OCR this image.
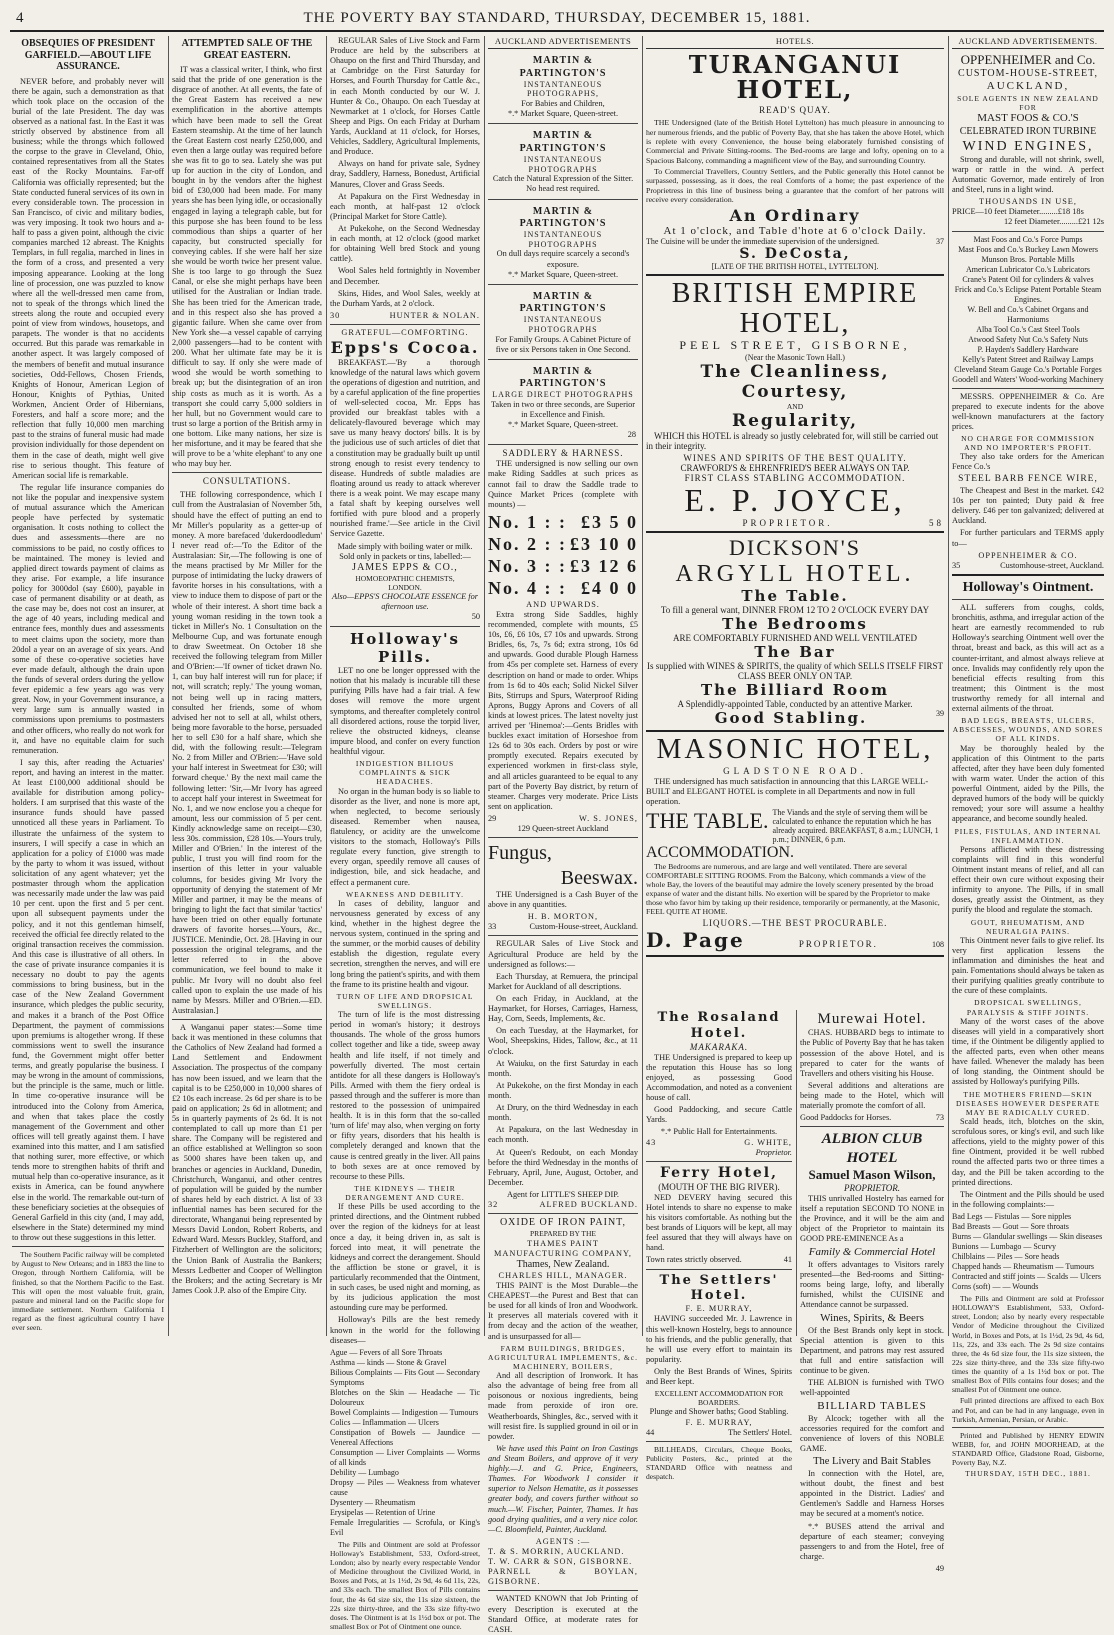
4	THE POVERTY BAY STANDARD, THURSDAY, DECEMBER 15, 1881.
OBSEQUIES OF PRESIDENT GARFIELD.—ABOUT LIFE ASSURANCE.

NEVER before, and probably never will there be again, such a demonstration as that which took place on the occasion of the burial of the late President. The day was observed as a national fast. In the East it was strictly observed by abstinence from all business; while the throngs which followed the corpse to the grave in Cleveland, Ohio, contained representatives from all the States east of the Rocky Mountains. Far-off California was officially represented; but the State conducted funeral services of its own in every considerable town. The procession in San Francisco, of civic and military bodies, was very imposing. It took two hours and a-half to pass a given point, although the civic companies marched 12 abreast. The Knights Templars, in full regalia, marched in lines in the form of a cross, and presented a very imposing appearance. Looking at the long line of procession, one was puzzled to know where all the well-dressed men came from, not to speak of the throngs which lined the streets along the route and occupied every point of view from windows, housetops, and parapets. The wonder is that no accidents occurred. But this parade was remarkable in another aspect. It was largely composed of the members of benefit and mutual insurance societies, Odd-Fellows, Chosen Friends, Knights of Honour, American Legion of Honour, Knights of Pythias, United Workmen, Ancient Order of Hibernians, Foresters, and half a score more; and the reflection that fully 10,000 men marching past to the strains of funeral music had made provision individually for those dependent on them in the case of death, might well give rise to serious thought. This feature of American social life is remarkable.

The regular life insurance companies do not like the popular and inexpensive system of mutual assurance which the American people have perfected by systematic organisation. It costs nothing to collect the dues and assessments—there are no commissions to be paid, no costly offices to be maintained. The money is levied and applied direct towards payment of claims as they arise. For example, a life insurance policy for 3000dol (say £600), payable in case of permanent disability or at death, as the case may be, does not cost an insurer, at the age of 40 years, including medical and entrance fees, monthly dues and assessments to meet claims upon the society, more than 20dol a year on an average of six years. And some of these co-operative societies have ever made default, although the drain upon the funds of several orders during the yellow fever epidemic a few years ago was very great. Now, in your Government insurance, a very large sum is annually wasted in commissions upon premiums to postmasters and other officers, who really do not work for it, and have no equitable claim for such remuneration.

I say this, after reading the Actuaries' report, and having an interest in the matter. At least £100,000 additional should be available for distribution among policy-holders. I am surprised that this waste of the insurance funds should have passed unnoticed all these years in Parliament. To illustrate the unfairness of the system to insurers, I will specify a case in which an application for a policy of £1000 was made by the party to whom it was issued, without solicitation of any agent whatever; yet the postmaster through whom the application was necessarily made under the law was paid 10 per cent. upon the first and 5 per cent. upon all subsequent payments under the policy, and it not this gentleman himself, received the official fee directly related to the original transaction receives the commission. And this case is illustrative of all others. In the case of private insurance companies it is necessary no doubt to pay the agents commissions to bring business, but in the case of the New Zealand Government insurance, which pledges the public security, and makes it a branch of the Post Office Department, the payment of commissions upon premiums is altogether wrong. If these commissions went to swell the insurance fund, the Government might offer better terms, and greatly popularise the business. I may be wrong in the amount of commissions, but the principle is the same, much or little. In time co-operative insurance will be introduced into the Colony from America, and when that takes place the costly management of the Government and other offices will tell greatly against them. I have examined into this matter, and I am satisfied that nothing surer, more effective, or which tends more to strengthen habits of thrift and mutual help than co-operative insurance, as it exists in America, can be found anywhere else in the world. The remarkable out-turn of these beneficiary societies at the obsequies of General Garfield in this city (and, I may add, elsewhere in the State) determined my mind to throw out these suggestions in this letter.

The Southern Pacific railway will be completed by August to New Orleans; and in 1883 the line to Oregon, through Northern California, will be finished, so that the Northern Pacific to the East. This will open the most valuable fruit, grain, pasture and mineral land on the Pacific slope for immediate settlement. Northern California I regard as the finest agricultural country I have ever seen.

ATTEMPTED SALE OF THE GREAT EASTERN.

IT was a classical writer, I think, who first said that the pride of one generation is the disgrace of another. At all events, the fate of the Great Eastern has received a new exemplification in the abortive attempts which have been made to sell the Great Eastern steamship. At the time of her launch the Great Eastern cost nearly £250,000, and even then a large outlay was required before she was fit to go to sea. Lately she was put up for auction in the city of London, and bought in by the vendors after the highest bid of £30,000 had been made. For many years she has been lying idle, or occasionally engaged in laying a telegraph cable, but for this purpose she has been found to be less commodious than ships a quarter of her capacity, but constructed specially for conveying cables. If she were half her size she would be worth twice her present value. She is too large to go through the Suez Canal, or else she might perhaps have been utilised for the Australian or Indian trade. She has been tried for the American trade, and in this respect also she has proved a gigantic failure. When she came over from New York she—a vessel capable of carrying 2,000 passengers—had to be content with 200. What her ultimate fate may be it is difficult to say. If only she were made of wood she would be worth something to break up; but the disintegration of an iron ship costs as much as it is worth. As a transport she could carry 5,000 soldiers in her hull, but no Government would care to trust so large a portion of the British army in one bottom. Like many nations, her size is her misfortune, and it may be feared that she will prove to be a 'white elephant' to any one who may buy her.

CONSULTATIONS.

THE following correspondence, which I cull from the Australasian of November 5th, should have the effect of putting an end to Mr Miller's popularity as a getter-up of money. A more barefaced 'dukerdoodledum' I never read of:—'To the Editor of the Australasian: Sir,—The following is one of the means practised by Mr Miller for the purpose of intimidating the lucky drawers of favorite horses in his consultations, with a view to induce them to dispose of part or the whole of their interest. A short time back a young woman residing in the town took a ticket in Miller's No. 1 Consultation on the Melbourne Cup, and was fortunate enough to draw Sweetmeat. On October 18 she received the following telegram from Miller and O'Brien:—'If owner of ticket drawn No. 1, can buy half interest will run for place; if not, will scratch; reply.' The young woman, not being well up in racing matters, consulted her friends, some of whom advised her not to sell at all, whilst others, being more favorable to the horse, persuaded her to sell £30 for a half share, which she did, with the following result:—Telegram No. 2 from Miller and O'Brien:—'Have sold your half interest in Sweetmeat for £30; will forward cheque.' By the next mail came the following letter: 'Sir,—Mr Ivory has agreed to accept half your interest in Sweetmeat for No. 1, and we now enclose you a cheque for amount, less our commission of 5 per cent. Kindly acknowledge same on receipt—£30, less 30s. commission, £28 10s.—Yours truly, Miller and O'Brien.' In the interest of the public, I trust you will find room for the insertion of this letter in your valuable columns, for besides giving Mr Ivory the opportunity of denying the statement of Mr Miller and partner, it may be the means of bringing to light the fact that similar 'tactics' have been tried on other equally fortunate drawers of favorite horses.—Yours, &c., JUSTICE. Menindie, Oct. 28. [Having in our possession the original telegrams, and the letter referred to in the above communication, we feel bound to make it public. Mr Ivory will no doubt also feel called upon to explain the use made of his name by Messrs. Miller and O'Brien.—ED. Australasian.]

A Wanganui paper states:—Some time back it was mentioned in these columns that the Catholics of New Zealand had formed a Land Settlement and Endowment Association. The prospectus of the company has now been issued, and we learn that the capital is to be £250,000 in 10,000 shares of £2 10s each increase. 2s 6d per share is to be paid on application; 2s 6d in allotment; and 5s in quarterly payments of 2s 6d. It is not contemplated to call up more than £1 per share. The Company will be registered and an office established at Wellington so soon as 5000 shares have been taken up, and branches or agencies in Auckland, Dunedin, Christchurch, Wanganui, and other centres of population will be guided by the number of shares held by each district. A list of 33 influential names has been secured for the directorate, Whanganui being represented by Messrs David London, Robert Roberts, and Edward Ward. Messrs Buckley, Stafford, and Fitzherbert of Wellington are the solicitors; the Union Bank of Australia the Bankers; Messrs Ledbetter and Cooper of Wellington the Brokers; and the acting Secretary is Mr James Cook J.P. also of the Empire City.

REGULAR Sales of Live Stock and Farm Produce are held by the subscribers at Ohaupo on the first and Third Thursday, and at Cambridge on the First Saturday for Horses, and Fourth Thursday for Cattle &c., in each Month conducted by our W. J. Hunter & Co., Ohaupo. On each Tuesday at Newmarket at 1 o'clock, for Horses Cattle Sheep and Pigs. On each Friday at Durham Yards, Auckland at 11 o'clock, for Horses, Vehicles, Saddlery, Agricultural Implements, and Produce.

Always on hand for private sale, Sydney dray, Saddlery, Harness, Bonedust, Artificial Manures, Clover and Grass Seeds.

At Papakura on the First Wednesday in each month, at half-past 12 o'clock (Principal Market for Store Cattle).

At Pukekohe, on the Second Wednesday in each month, at 12 o'clock (good market for obtaining Well bred Stock and young cattle).

Wool Sales held fortnightly in November and December.

Skins, Hides, and Wool Sales, weekly at the Durham Yards, at 2 o'clock.

30	HUNTER & NOLAN.
GRATEFUL—COMFORTING.
Epps's Cocoa.

BREAKFAST.—'By a thorough knowledge of the natural laws which govern the operations of digestion and nutrition, and by a careful application of the fine properties of well-selected cocoa, Mr. Epps has provided our breakfast tables with a delicately-flavoured beverage which may save us many heavy doctors' bills. It is by the judicious use of such articles of diet that a constitution may be gradually built up until strong enough to resist every tendency to disease. Hundreds of subtle maladies are floating around us ready to attack wherever there is a weak point. We may escape many a fatal shaft by keeping ourselves well fortified with pure blood and a properly nourished frame.'—See article in the Civil Service Gazette.

Made simply with boiling water or milk.
Sold only in packets or tins, labelled:—
JAMES EPPS & CO.,
HOMOEOPATHIC CHEMISTS,
LONDON.
Also—EPPS'S CHOCOLATE ESSENCE for afternoon use.
50
Holloway's Pills.

LET no one be longer oppressed with the notion that his malady is incurable till these purifying Pills have had a fair trial. A few doses will remove the more urgent symptoms, and thereafter completely control all disordered actions, rouse the torpid liver, relieve the obstructed kidneys, cleanse impure blood, and confer on every function healthful vigour.

INDIGESTION BILIOUS COMPLAINTS & SICK HEADACHES.

No organ in the human body is so liable to disorder as the liver, and none is more apt, when neglected, to become seriously diseased. Remember when nausea, flatulency, or acidity are the unwelcome visitors to the stomach, Holloway's Pills regulate every function, give strength to every organ, speedily remove all causes of indigestion, bile, and sick headache, and effect a permanent cure.

WEAKNESS AND DEBILITY.

In cases of debility, languor and nervousness generated by excess of any kind, whether in the highest degree the nervous system, continued in the spring and the summer, or the morbid causes of debility establish the digestion, regulate every secretion, strengthen the nerves, and will ere long bring the patient's spirits, and with them the frame to its pristine health and vigour.

TURN OF LIFE AND DROPSICAL SWELLINGS.

The turn of life is the most distressing period in woman's history; it destroys thousands. The whole of the gross humors collect together and like a tide, sweep away health and life itself, if not timely and powerfully diverted. The most certain antidote for all these dangers is Holloway's Pills. Armed with them the fiery ordeal is passed through and the sufferer is more than restored to the possession of unimpaired health. It is in this form that the so-called 'turn of life' may also, when verging on forty or fifty years, disorders that his health is completely deranged and known that the cause is centred greatly in the liver. All pains to both sexes are at once removed by recourse to these Pills.

THE KIDNEYS — THEIR DERANGEMENT AND CURE.

If these Pills be used according to the printed directions, and the Ointment rubbed over the region of the kidneys for at least once a day, it being driven in, as salt is forced into meat, it will penetrate the kidneys and correct the derangement. Should the affliction be stone or gravel, it is particularly recommended that the Ointment, in such cases, be used night and morning, as by its judicious application the most astounding cure may be performed.

Holloway's Pills are the best remedy known in the world for the following diseases—

Ague — Fevers of all Sore Throats
Asthma — kinds — Stone & Gravel
Bilious Complaints — Fits Gout — Secondary Symptoms
Blotches on the Skin — Headache — Tic Doloureux
Bowel Complaints — Indigestion — Tumours
Colics — Inflammation — Ulcers
Constipation of Bowels — Jaundice — Venereal Affections
Consumption — Liver Complaints — Worms of all kinds
Debility — Lumbago
Dropsy — Piles — Weakness from whatever cause
Dysentery — Rheumatism
Erysipelas — Retention of Urine
Female Irregularities — Scrofula, or King's Evil

The Pills and Ointment are sold at Professor Holloway's Establishment, 533, Oxford-street, London; also by nearly every respectable Vendor of Medicine throughout the Civilized World, in Boxes and Pots, at 1s 1½d, 2s 9d, 4s 6d 11s, 22s, and 33s each. The smallest Box of Pills contains four, the 4s 6d size six, the 11s size sixteen, the 22s size thirty-three, and the 33s size fifty-two doses. The Ointment is at 1s 1½d box or pot. The smallest Box or Pot of Ointment one ounce.

AUCKLAND ADVERTISEMENTS
MARTIN & PARTINGTON'S
INSTANTANEOUS PHOTOGRAPHS,
For Babies and Children,
*.* Market Square, Queen-street.
MARTIN & PARTINGTON'S
INSTANTANEOUS PHOTOGRAPHS
Catch the Natural Expression of the Sitter.
No head rest required.
MARTIN & PARTINGTON'S
INSTANTANEOUS PHOTOGRAPHS
On dull days require scarcely a second's exposure.
*.* Market Square, Queen-street.
MARTIN & PARTINGTON'S
INSTANTANEOUS PHOTOGRAPHS
For Family Groups. A Cabinet Picture of five or six Persons taken in One Second.
MARTIN & PARTINGTON'S
LARGE DIRECT PHOTOGRAPHS
Taken in two or three seconds, are Superior in Excellence and Finish.
*.* Market Square, Queen-street.
28
SADDLERY & HARNESS.

THE undersigned is now selling our own make Riding Saddles at such prices as cannot fail to draw the Saddle trade to Quince Market Prices (complete with mounts) —

No. 1 : : £3 5 0
No. 2 : : £3 10 0
No. 3 : : £3 12 6
No. 4 : : £4 0 0
AND UPWARDS.

Extra strong Side Saddles, highly recommended, complete with mounts, £5 10s, £6, £6 10s, £7 10s and upwards. Strong Bridles, 6s, 7s, 7s 6d; extra strong, 10s 6d and upwards. Good durable Plough Harness from 45s per complete set. Harness of every description on hand or made to order. Whips from 1s 6d to 40s each; Solid Nickel Silver Bits, Stirrups and Spurs, Waterproof Riding Aprons, Buggy Aprons and Covers of all kinds at lowest prices. The latest novelty just arrived per 'Hinemoa':—Gents Bridles with buckles exact imitation of Horseshoe from 12s 6d to 30s each. Orders by post or wire promptly executed. Repairs executed by experienced workmen in first-class style, and all articles guaranteed to be equal to any part of the Poverty Bay district, by return of steamer. Charges very moderate. Price Lists sent on application.

29	W. S. JONES,
129 Queen-street Auckland
Fungus,
Beeswax.

THE Undersigned is a Cash Buyer of the above in any quantities.

H. B. MORTON,
33	Custom-House-street, Auckland.

REGULAR Sales of Live Stock and Agricultural Produce are held by the undersigned as follows:—

Each Thursday, at Remuera, the principal Market for Auckland of all descriptions.

On each Friday, in Auckland, at the Haymarket, for Horses, Carriages, Harness, Hay, Corn, Seeds, Implements, &c.

On each Tuesday, at the Haymarket, for Wool, Sheepskins, Hides, Tallow, &c., at 11 o'clock.

At Waiuku, on the first Saturday in each month.

At Pukekohe, on the first Monday in each month.

At Drury, on the third Wednesday in each month.

At Papakura, on the last Wednesday in each month.

At Queen's Redoubt, on each Monday before the third Wednesday in the months of February, April, June, August, October, and December.

Agent for LITTLE'S SHEEP DIP.
32	ALFRED BUCKLAND.
OXIDE OF IRON PAINT,
PREPARED BY THE
THAMES PAINT MANUFACTURING COMPANY,
Thames, New Zealand.
CHARLES HILL, MANAGER.

THIS PAINT is the Most Durable—the CHEAPEST—the Purest and Best that can be used for all kinds of Iron and Woodwork. It preserves all materials covered with it from decay and the action of the weather, and is unsurpassed for all—

FARM BUILDINGS, BRIDGES, AGRICULTURAL IMPLEMENTS, &c. MACHINERY, BOILERS,

And all description of Ironwork. It has also the advantage of being free from all poisonous or noxious ingredients, being made from peroxide of iron ore. Weatherboards, Shingles, &c., served with it will resist fire. Is supplied ground in oil or in powder.

We have used this Paint on Iron Castings and Steam Boilers, and approve of it very highly.—J. and G. Price, Engineers, Thames. For Woodwork I consider it superior to Nelson Hematite, as it possesses greater body, and covers further without so much.—W. Fischer, Painter, Thames. It has good drying qualities, and a very nice color.—C. Bloomfield, Painter, Auckland.

AGENTS :—
T. & S. MORRIN, AUCKLAND.
T. W. CARR & SON, GISBORNE.
PARNELL & BOYLAN, GISBORNE.

WANTED KNOWN that Job Printing of every Description is executed at the Standard Office, at moderate rates for CASH.

HOTELS.
TURANGANUI HOTEL,
READ'S QUAY.

THE Undersigned (late of the British Hotel Lyttelton) has much pleasure in announcing to her numerous friends, and the public of Poverty Bay, that she has taken the above Hotel, which is replete with every Convenience, the house being elaborately furnished consisting of Commercial and Private Sitting-rooms. The Bed-rooms are large and lofty, opening on to a Spacious Balcony, commanding a magnificent view of the Bay, and surrounding Country.

To Commercial Travellers, Country Settlers, and the Public generally this Hotel cannot be surpassed, possessing, as it does, the real Comforts of a home; the past experience of the Proprietress in this line of business being a guarantee that the comfort of her patrons will receive every consideration.

An Ordinary
At 1 o'clock, and Table d'hote at 6 o'clock Daily.
The Cuisine will be under the immediate supervision of the undersigned.	37
S. DeCosta,
[LATE OF THE BRITISH HOTEL, LYTTELTON].
BRITISH EMPIRE HOTEL,
PEEL STREET, GISBORNE,
(Near the Masonic Town Hall.)
The Cleanliness, Courtesy,
AND
Regularity,

WHICH this HOTEL is already so justly celebrated for, will still be carried out in their integrity.

WINES AND SPIRITS OF THE BEST QUALITY.
CRAWFORD'S & EHRENFRIED'S BEER ALWAYS ON TAP.
FIRST CLASS STABLING ACCOMMODATION.
E. P. JOYCE,
PROPRIETOR.	58
DICKSON'S
ARGYLL HOTEL.
The Table.
To fill a general want, DINNER FROM 12 TO 2 O'CLOCK EVERY DAY
The Bedrooms
ARE COMFORTABLY FURNISHED AND WELL VENTILATED
The Bar
Is supplied with WINES & SPIRITS, the quality of which SELLS ITSELF FIRST CLASS BEER ONLY ON TAP.
The Billiard Room
A Splendidly-appointed Table, conducted by an attentive Marker.
Good Stabling.	39
MASONIC HOTEL,
GLADSTONE ROAD.

THE undersigned has much satisfaction in announcing that this LARGE WELL-BUILT and ELEGANT HOTEL is complete in all Departments and now in full operation.

THE TABLE. The Viands and the style of serving them will be calculated to enhance the reputation which he has already acquired. BREAKFAST, 8 a.m.; LUNCH, 1 p.m.; DINNER, 6 p.m.
ACCOMMODATION.

The Bedrooms are numerous, and are large and well ventilated. There are several COMFORTABLE SITTING ROOMS. From the Balcony, which commands a view of the whole Bay, the lovers of the beautiful may admire the lovely scenery presented by the broad expanse of water and the distant hills. No exertion will be spared by the Proprietor to make those who favor him by taking up their residence, temporarily or permanently, at the Masonic, FEEL QUITE AT HOME.

LIQUORS.—THE BEST PROCURABLE.
D. Page	PROPRIETOR.	108
The Rosaland Hotel.
MAKARAKA.

THE Undersigned is prepared to keep up the reputation this House has so long enjoyed, as possessing Good Accommodation, and noted as a convenient house of call.

Good Paddocking, and secure Cattle Yards.

*.* Public Hall for Entertainments.
43	G. WHITE,
Proprietor.
Ferry Hotel,
(MOUTH OF THE BIG RIVER).

NED DEVERY having secured this Hotel intends to share no expense to make his visitors comfortable. As nothing but the best brands of Liquors will be kept, all may feel assured that they will always have on hand.

Town rates strictly observed.	41
The Settlers' Hotel.
F. E. MURRAY,

HAVING succeeded Mr. J. Lawrence in this well-known Hostelry, begs to announce to his friends, and the public generally, that he will use every effort to maintain its popularity.

Only the Best Brands of Wines, Spirits and Beer kept.

EXCELLENT ACCOMMODATION FOR BOARDERS.
Plunge and Shower baths; Good Stabling.
F. E. MURRAY,
44	The Settlers' Hotel.

BILLHEADS, Circulars, Cheque Books, Publicity Posters, &c., printed at the STANDARD Office with neatness and despatch.

Murewai Hotel.

CHAS. HUBBARD begs to intimate to the Public of Poverty Bay that he has taken possession of the above Hotel, and is prepared to cater for the wants of Travellers and others visiting his House.

Several additions and alterations are being made to the Hotel, which will materially promote the comfort of all.

Good Paddocks for Horses.	73
ALBION CLUB HOTEL
Samuel Mason Wilson,
PROPRIETOR.

THIS unrivalled Hostelry has earned for itself a reputation SECOND TO NONE in the Province, and it will be the aim and object of the Proprietor to maintain its GOOD PRE-EMINENCE As a

Family & Commercial Hotel

It offers advantages to Visitors rarely presented—the Bed-rooms and Sitting-rooms being large, lofty, and liberally furnished, whilst the CUISINE and Attendance cannot be surpassed.

Wines, Spirits, & Beers

Of the Best Brands only kept in stock. Special attention is given to this Department, and patrons may rest assured that full and entire satisfaction will continue to be given.

THE ALBION is furnished with TWO well-appointed

BILLIARD TABLES

By Alcock; together with all the accessories required for the comfort and convenience of lovers of this NOBLE GAME.

The Livery and Bait Stables

In connection with the Hotel, are, without doubt, the finest and best appointed in the District. Ladies' and Gentlemen's Saddle and Harness Horses may be secured at a moment's notice.

*.* BUSES attend the arrival and departure of each steamer; conveying passengers to and from the Hotel, free of charge.

49
AUCKLAND ADVERTISEMENTS.
OPPENHEIMER and Co.
CUSTOM-HOUSE-STREET,
AUCKLAND,
SOLE AGENTS IN NEW ZEALAND FOR
MAST FOOS & CO.'S
CELEBRATED IRON TURBINE
WIND ENGINES,

Strong and durable, will not shrink, swell, warp or rattle in the wind. A perfect Automatic Governor, made entirely of Iron and Steel, runs in a light wind.

THOUSANDS IN USE,
PRICE—10 feet Diameter.........£18 18s
12 feet Diameter.........£21 12s
Mast Foos and Co.'s Force Pumps
Mast Foos and Co.'s Buckey Lawn Mowers
Munson Bros. Portable Mills
American Lubricator Co.'s Lubricators
Crane's Patent Oil for cylinders & valves
Frick and Co.'s Eclipse Patent Portable Steam Engines.
W. Bell and Co.'s Cabinet Organs and Harmoniums
Alba Tool Co.'s Cast Steel Tools
Atwood Safety Nut Co.'s Safety Nuts
P. Hayden's Saddlery Hardware
Kelly's Patent Street and Railway Lamps
Cleveland Steam Gauge Co.'s Portable Forges
Goodell and Waters' Wood-working Machinery

MESSRS. OPPENHEIMER & Co. Are prepared to execute indents for the above well-known manufacturers at the factory prices.

NO CHARGE FOR COMMISSION AND NO IMPORTER'S PROFIT.

They also take orders for the American Fence Co.'s

STEEL BARB FENCE WIRE,

The Cheapest and Best in the market. £42 10s per ton painted; Duty paid & free delivery. £46 per ton galvanized; delivered at Auckland.

For further particulars and TERMS apply to—

OPPENHEIMER & CO.
35	Customhouse-street, Auckland.
Holloway's Ointment.

ALL sufferers from coughs, colds, bronchitis, asthma, and irregular action of the heart are earnestly recommended to rub Holloway's searching Ointment well over the throat, breast and back, as this will act as a counter-irritant, and almost always relieve at once. Invalids may confidently rely upon the beneficial effects resulting from this treatment; this Ointment is the most trustworthy remedy for all internal and external ailments of the throat.

BAD LEGS, BREASTS, ULCERS, ABSCESSES, WOUNDS, AND SORES OF ALL KINDS.

May be thoroughly healed by the application of this Ointment to the parts affected, after they have been duly fomented with warm water. Under the action of this powerful Ointment, aided by the Pills, the depraved humors of the body will be quickly removed; your sore will assume a healthy appearance, and become soundly healed.

PILES, FISTULAS, AND INTERNAL INFLAMMATION.

Persons afflicted with these distressing complaints will find in this wonderful Ointment instant means of relief, and all can effect their own cure without exposing their infirmity to anyone. The Pills, if in small doses, greatly assist the Ointment, as they purify the blood and regulate the stomach.

GOUT, RHEUMATISM, AND NEURALGIA PAINS.

This Ointment never fails to give relief. Its very first application lessens the inflammation and diminishes the heat and pain. Fomentations should always be taken as their purifying qualities greatly contribute to the cure of these complaints.

DROPSICAL SWELLINGS, PARALYSIS & STIFF JOINTS.

Many of the worst cases of the above diseases will yield in a comparatively short time, if the Ointment be diligently applied to the affected parts, even when other means have failed. Whenever the malady has been of long standing, the Ointment should be assisted by Holloway's purifying Pills.

THE MOTHERS FRIEND—SKIN DISEASES HOWEVER DESPERATE MAY BE RADICALLY CURED.

Scald heads, itch, blotches on the skin, scrofulous sores, or king's evil, and such like affections, yield to the mighty power of this fine Ointment, provided it be well rubbed round the affected parts two or three times a day, and the Pill be taken according to the printed directions.

The Ointment and the Pills should be used in the following complaints:—

Bad Legs — Fistulas — Sore nipples
Bad Breasts — Gout — Sore throats
Burns — Glandular swellings — Skin diseases
Bunions — Lumbago — Scurvy
Chilblains — Piles — Sore heads
Chapped hands — Rheumatism — Tumours
Contracted and stiff joints — Scalds — Ulcers
Corns (soft) — — Wounds

The Pills and Ointment are sold at Professor HOLLOWAY'S Establishment, 533, Oxford-street, London; also by nearly every respectable Vendor of Medicine throughout the Civilized World, in Boxes and Pots, at 1s 1½d, 2s 9d, 4s 6d, 11s, 22s, and 33s each. The 2s 9d size contains three, the 4s 6d size four, the 11s size sixteen, the 22s size thirty-three, and the 33s size fifty-two times the quantity of a 1s 1½d box or pot. The smallest Box of Pills contains four doses; and the smallest Pot of Ointment one ounce.

Full printed directions are affixed to each Box and Pot, and can be had in any language, even in Turkish, Armenian, Persian, or Arabic.

Printed and Published by HENRY EDWIN WEBB, for, and JOHN MOORHEAD, at the STANDARD Office, Gladstone Road, Gisborne, Poverty Bay, N.Z.

THURSDAY, 15TH DEC., 1881.
